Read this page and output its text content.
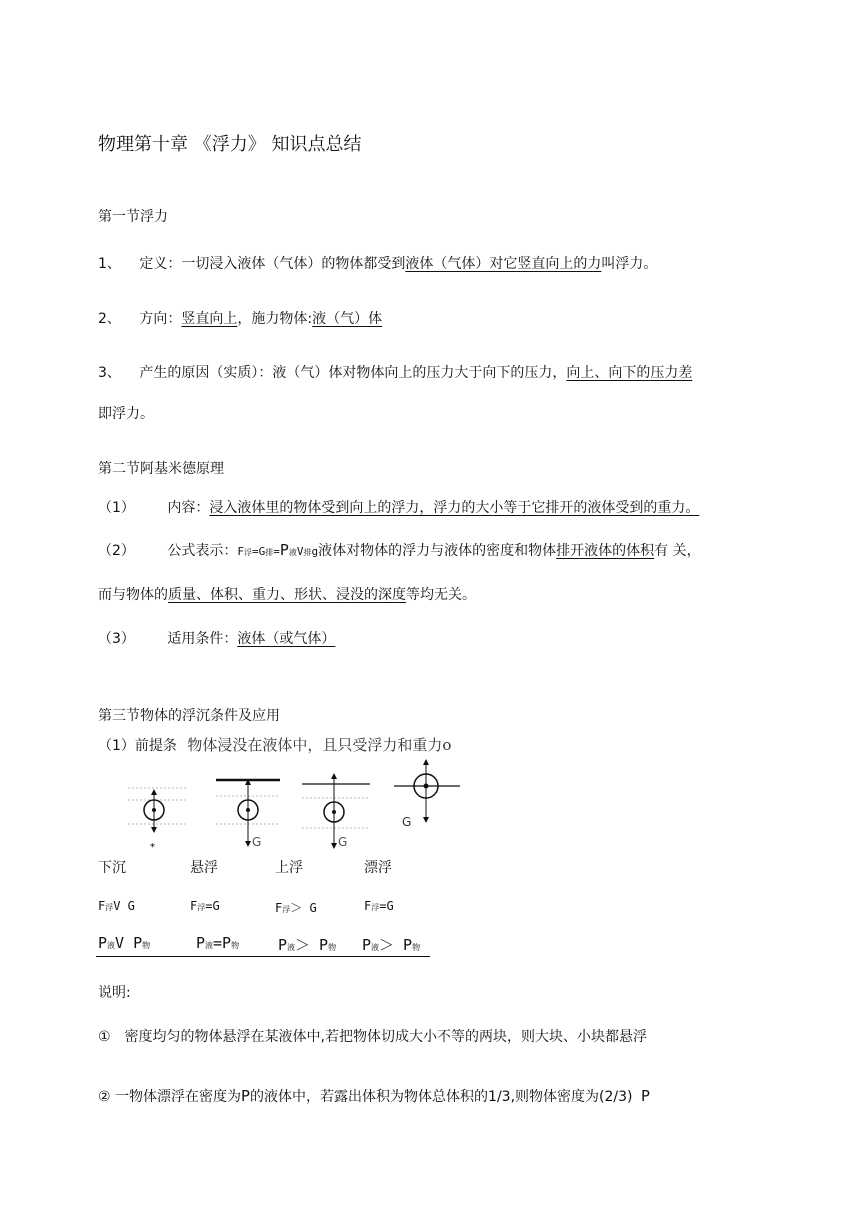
物理第十章 《浮力》 知识点总结
第一节浮力
1、 定义：一切浸入液体（气体）的物体都受到液体（气体）对它竖直向上的力叫浮力。
2、 方向：竖直向上，施力物体:液（气）体
3、 产生的原因（实质）：液（气）体对物体向上的压力大于向下的压力，向上、向下的压力差
即浮力。
第二节阿基米德原理
（1） 内容：浸入液体里的物体受到向上的浮力，浮力的大小等于它排开的液体受到的重力。
（2） 公式表示：F浮=G排=P液V排g液体对物体的浮力与液体的密度和物体排开液体的体积有 关，
而与物体的质量、体积、重力、形状、浸没的深度等均无关。
（3） 适用条件：液体（或气体）
第三节物体的浮沉条件及应用
（1）前提条 物体浸没在液体中，且只受浮力和重力o
*	G	G
G
下沉	悬浮	上浮	漂浮
F浮V G	F浮=G	F浮＞ G	F浮=G
P液V P物	P液=P物	P液＞ P物 P液＞ P物
说明:
①　密度均匀的物体悬浮在某液体中,若把物体切成大小不等的两块，则大块、小块都悬浮
② 一物体漂浮在密度为P的液体中，若露出体积为物体总体积的1/3,则物体密度为(2/3) P
